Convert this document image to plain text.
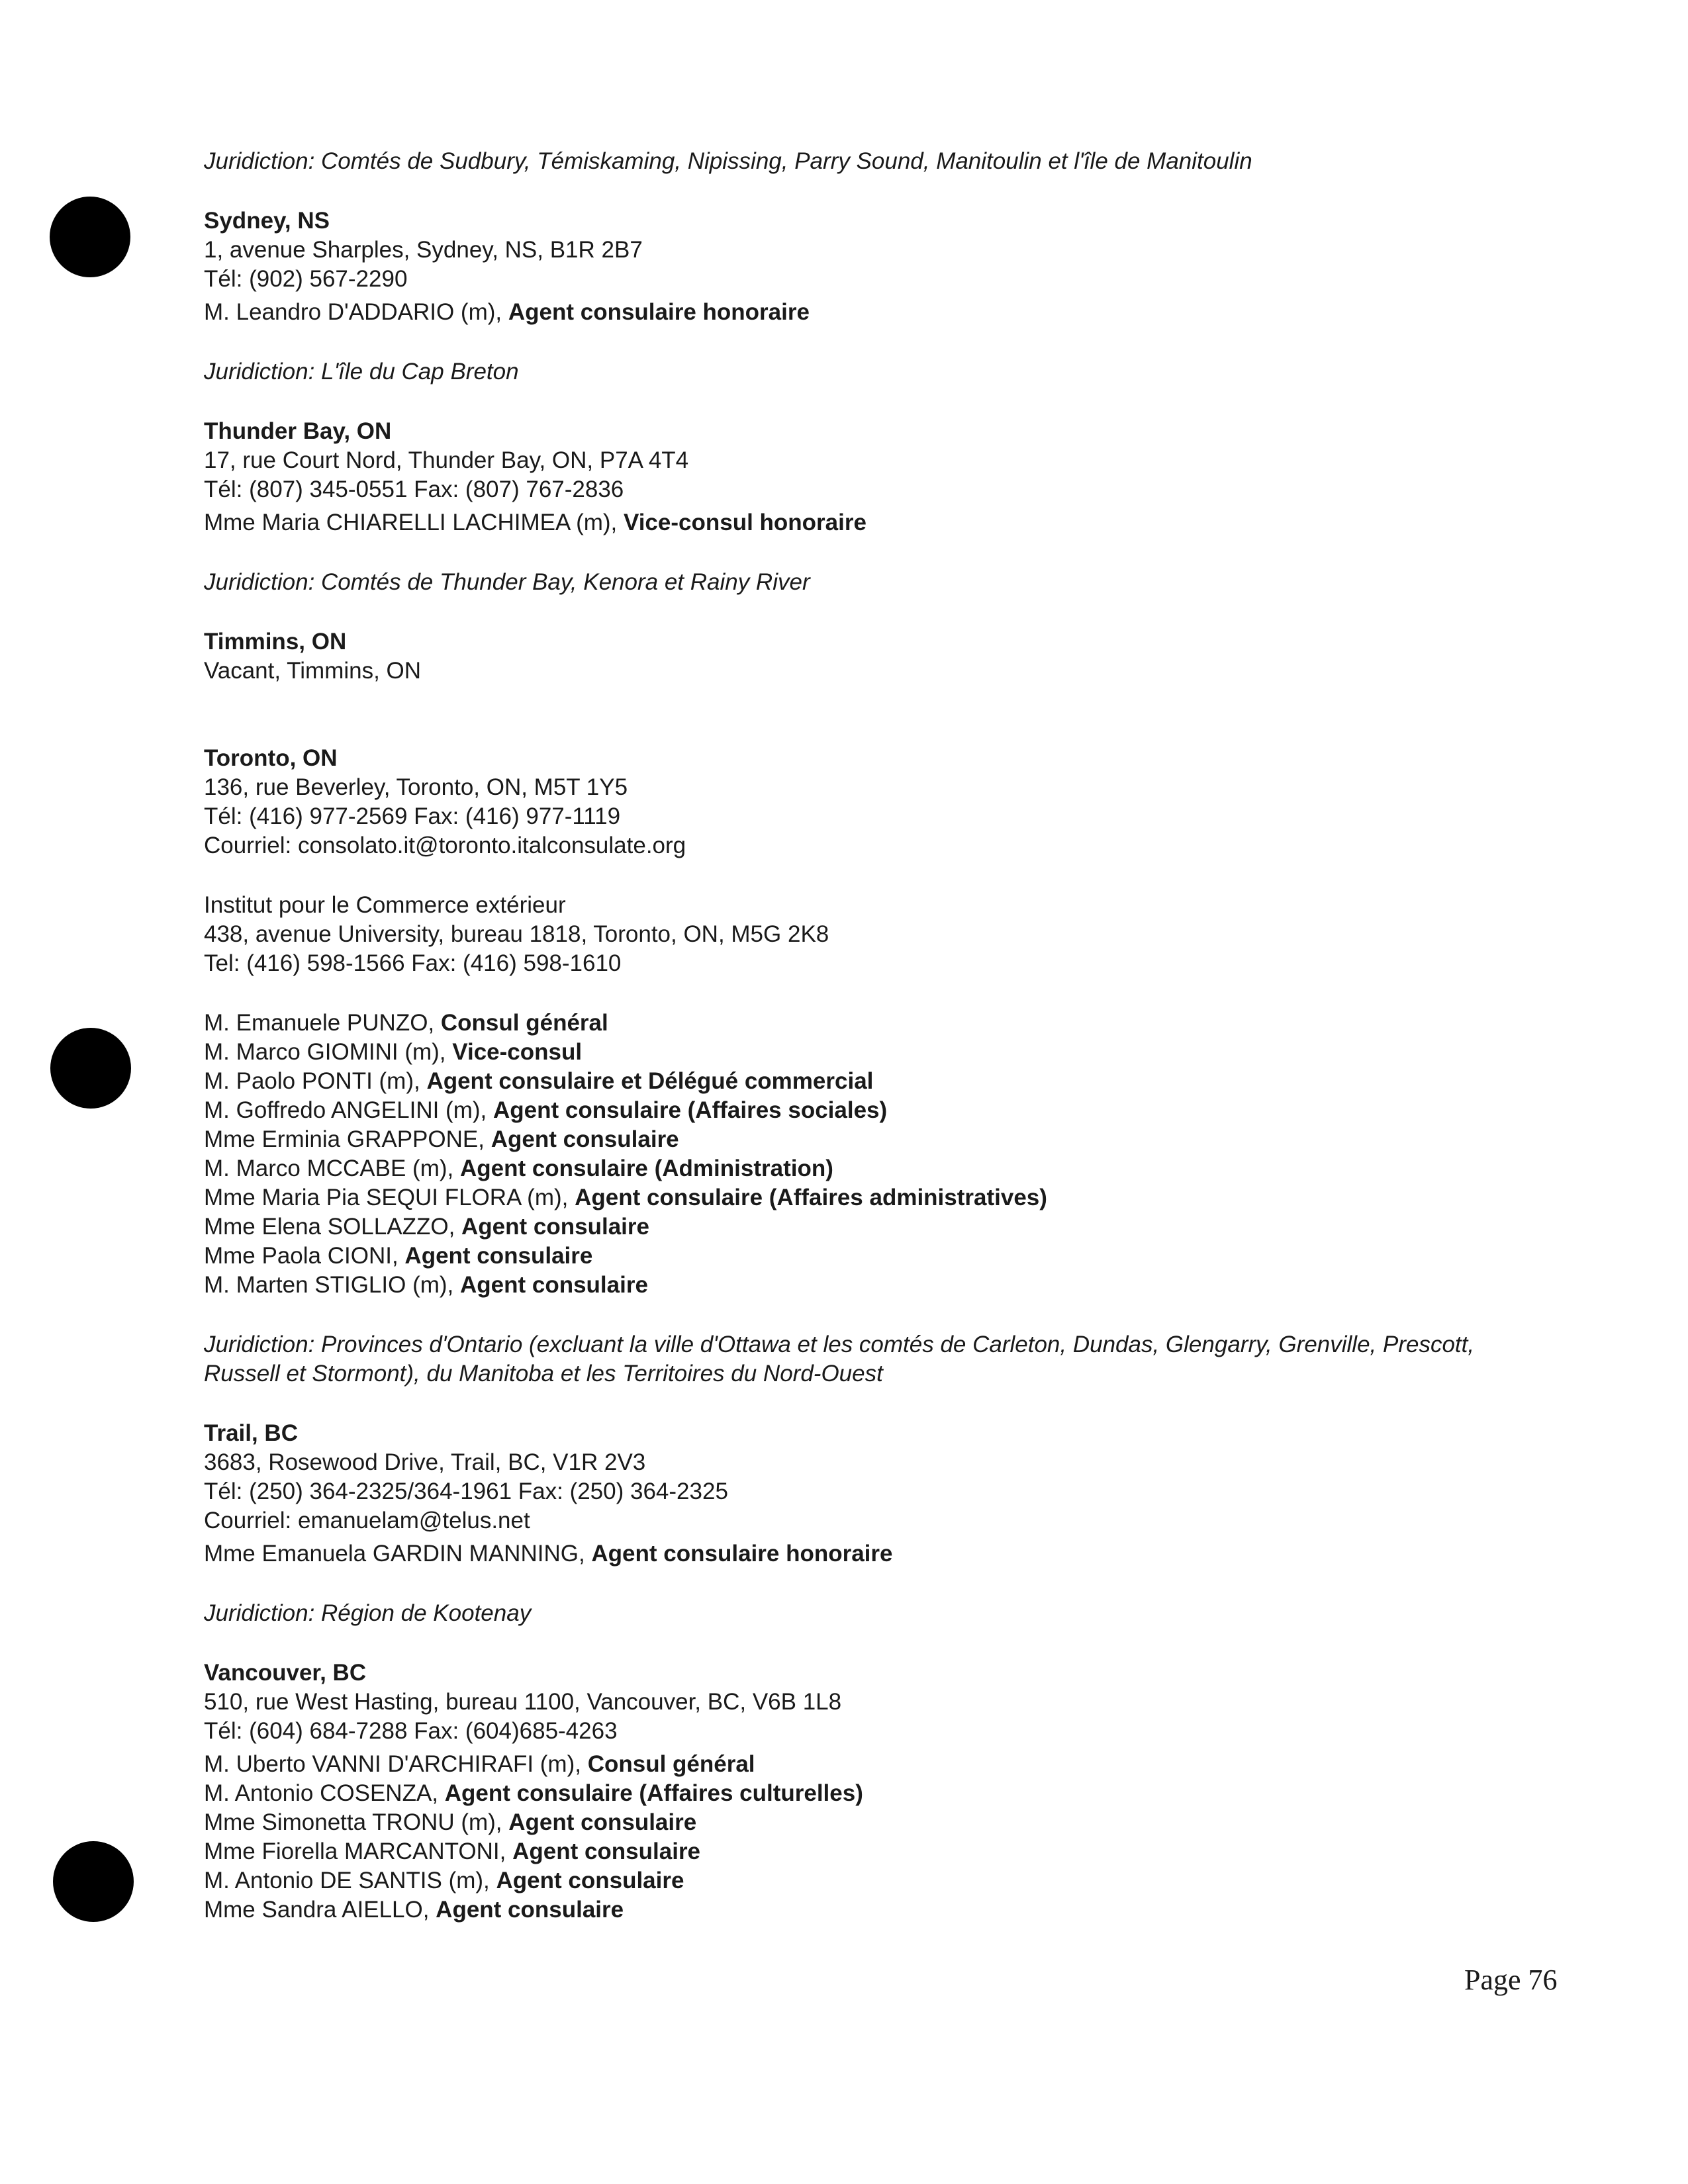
Juridiction: Comtés de Sudbury, Témiskaming, Nipissing, Parry Sound, Manitoulin et l'île de Manitoulin
Sydney, NS
1, avenue Sharples, Sydney, NS, B1R 2B7
Tél: (902) 567-2290
M. Leandro D'ADDARIO (m), Agent consulaire honoraire
Juridiction: L'île du Cap Breton
Thunder Bay, ON
17, rue Court Nord, Thunder Bay, ON, P7A 4T4
Tél: (807) 345-0551 Fax: (807) 767-2836
Mme Maria CHIARELLI LACHIMEA (m), Vice-consul honoraire
Juridiction: Comtés de Thunder Bay, Kenora et Rainy River
Timmins, ON
Vacant, Timmins, ON
Toronto, ON
136, rue Beverley, Toronto, ON, M5T 1Y5
Tél: (416) 977-2569 Fax: (416) 977-1119
Courriel: consolato.it@toronto.italconsulate.org
Institut pour le Commerce extérieur
438, avenue University, bureau 1818, Toronto, ON, M5G 2K8
Tel: (416) 598-1566 Fax: (416) 598-1610
M. Emanuele PUNZO, Consul général
M. Marco GIOMINI (m), Vice-consul
M. Paolo PONTI (m), Agent consulaire et Délégué commercial
M. Goffredo ANGELINI (m), Agent consulaire (Affaires sociales)
Mme Erminia GRAPPONE, Agent consulaire
M. Marco MCCABE (m), Agent consulaire (Administration)
Mme Maria Pia SEQUI FLORA (m), Agent consulaire (Affaires administratives)
Mme Elena SOLLAZZO, Agent consulaire
Mme Paola CIONI, Agent consulaire
M. Marten STIGLIO (m), Agent consulaire
Juridiction: Provinces d'Ontario (excluant la ville d'Ottawa et les comtés de Carleton, Dundas, Glengarry, Grenville, Prescott, Russell et Stormont), du Manitoba et les Territoires du Nord-Ouest
Trail, BC
3683, Rosewood Drive, Trail, BC, V1R 2V3
Tél: (250) 364-2325/364-1961 Fax: (250) 364-2325
Courriel: emanuelam@telus.net
Mme Emanuela GARDIN MANNING, Agent consulaire honoraire
Juridiction: Région de Kootenay
Vancouver, BC
510, rue West Hasting, bureau 1100, Vancouver, BC, V6B 1L8
Tél: (604) 684-7288 Fax: (604)685-4263
M. Uberto VANNI D'ARCHIRAFI (m), Consul général
M. Antonio COSENZA, Agent consulaire (Affaires culturelles)
Mme Simonetta TRONU (m), Agent consulaire
Mme Fiorella MARCANTONI, Agent consulaire
M. Antonio DE SANTIS (m), Agent consulaire
Mme Sandra AIELLO, Agent consulaire
Page 76
